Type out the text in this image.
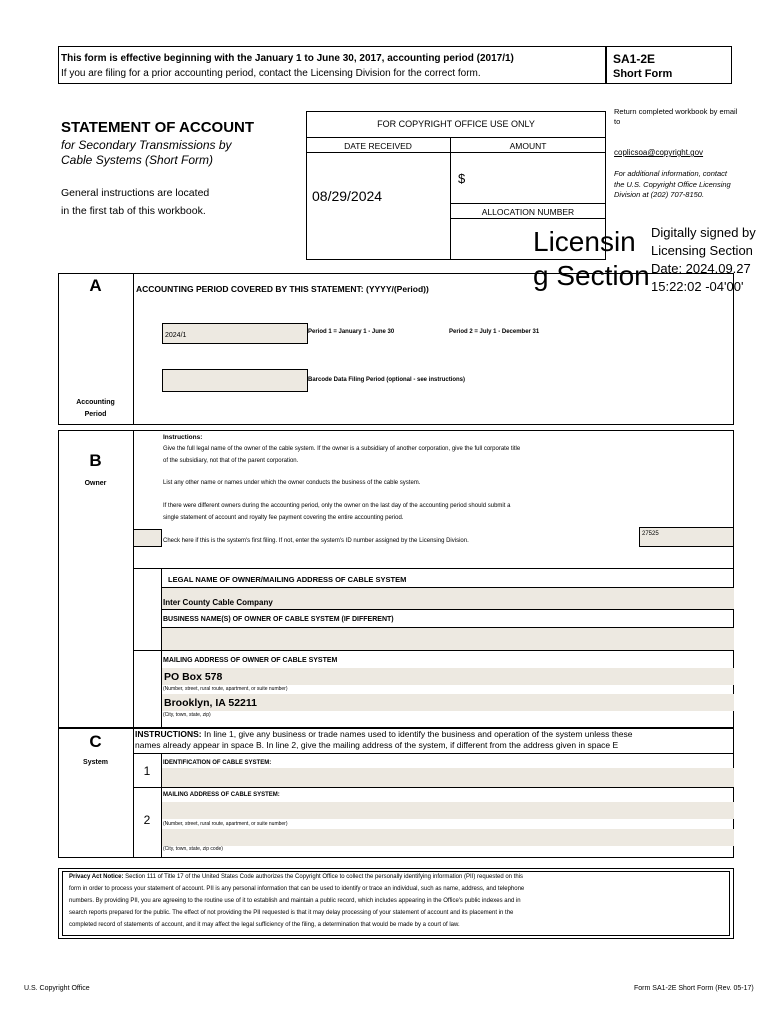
This form is effective beginning with the January 1 to June 30, 2017, accounting period (2017/1)
If you are filing for a prior accounting period, contact the Licensing Division for the correct form.
SA1-2E
Short Form
STATEMENT OF ACCOUNT
for Secondary Transmissions by
Cable Systems (Short Form)
General instructions are located
in the first tab of this workbook.
FOR COPYRIGHT OFFICE USE ONLY
DATE RECEIVED	AMOUNT
08/29/2024
$
ALLOCATION NUMBER
Return completed workbook by email to
coplicsoa@copyright.gov
For additional information, contact the U.S. Copyright Office Licensing Division at (202) 707-8150.
Licensin
g Section
Digitally signed by
Licensing Section
Date: 2024.09.27
15:22:02 -04'00'
A
Accounting
Period
ACCOUNTING PERIOD COVERED BY THIS STATEMENT: (YYYY/(Period))
2024/1	Period 1 = January 1 - June 30	Period 2 = July 1 - December 31
Barcode Data Filing Period (optional - see instructions)
B
Owner
Instructions:
Give the full legal name of the owner of the cable system. If the owner is a subsidiary of another corporation, give the full corporate title
of the subsidiary, not that of the parent corporation.
List any other name or names under which the owner conducts the business of the cable system.
If there were different owners during the accounting period, only the owner on the last day of the accounting period should submit a
single statement of account and royalty fee payment covering the entire accounting period.
Check here if this is the system's first filing. If not, enter the system's ID number assigned by the Licensing Division.
27525
LEGAL NAME OF OWNER/MAILING ADDRESS OF CABLE SYSTEM
Inter County Cable Company
BUSINESS NAME(S) OF OWNER OF CABLE SYSTEM (IF DIFFERENT)
MAILING ADDRESS OF OWNER OF CABLE SYSTEM
PO Box 578
(Number, street, rural route, apartment, or suite number)
Brooklyn, IA 52211
(City, town, state, zip)
C
System
INSTRUCTIONS: In line 1, give any business or trade names used to identify the business and operation of the system unless these
names already appear in space B. In line 2, give the mailing address of the system, if different from the address given in space E
1
IDENTIFICATION OF CABLE SYSTEM:
MAILING ADDRESS OF CABLE SYSTEM:
2	(Number, street, rural route, apartment, or suite number)
(City, town, state, zip code)
Privacy Act Notice: Section 111 of Title 17 of the United States Code authorizes the Copyright Office to collect the personally identifying information (PII) requested on this
form in order to process your statement of account. PII is any personal information that can be used to identify or trace an individual, such as name, address, and telephone
numbers. By providing PII, you are agreeing to the routine use of it to establish and maintain a public record, which includes appearing in the Office's public indexes and in
search reports prepared for the public. The effect of not providing the PII requested is that it may delay processing of your statement of account and its placement in the
completed record of statements of account, and it may affect the legal sufficiency of the filing, a determination that would be made by a court of law.
U.S. Copyright Office	Form SA1-2E Short Form (Rev. 05-17)
